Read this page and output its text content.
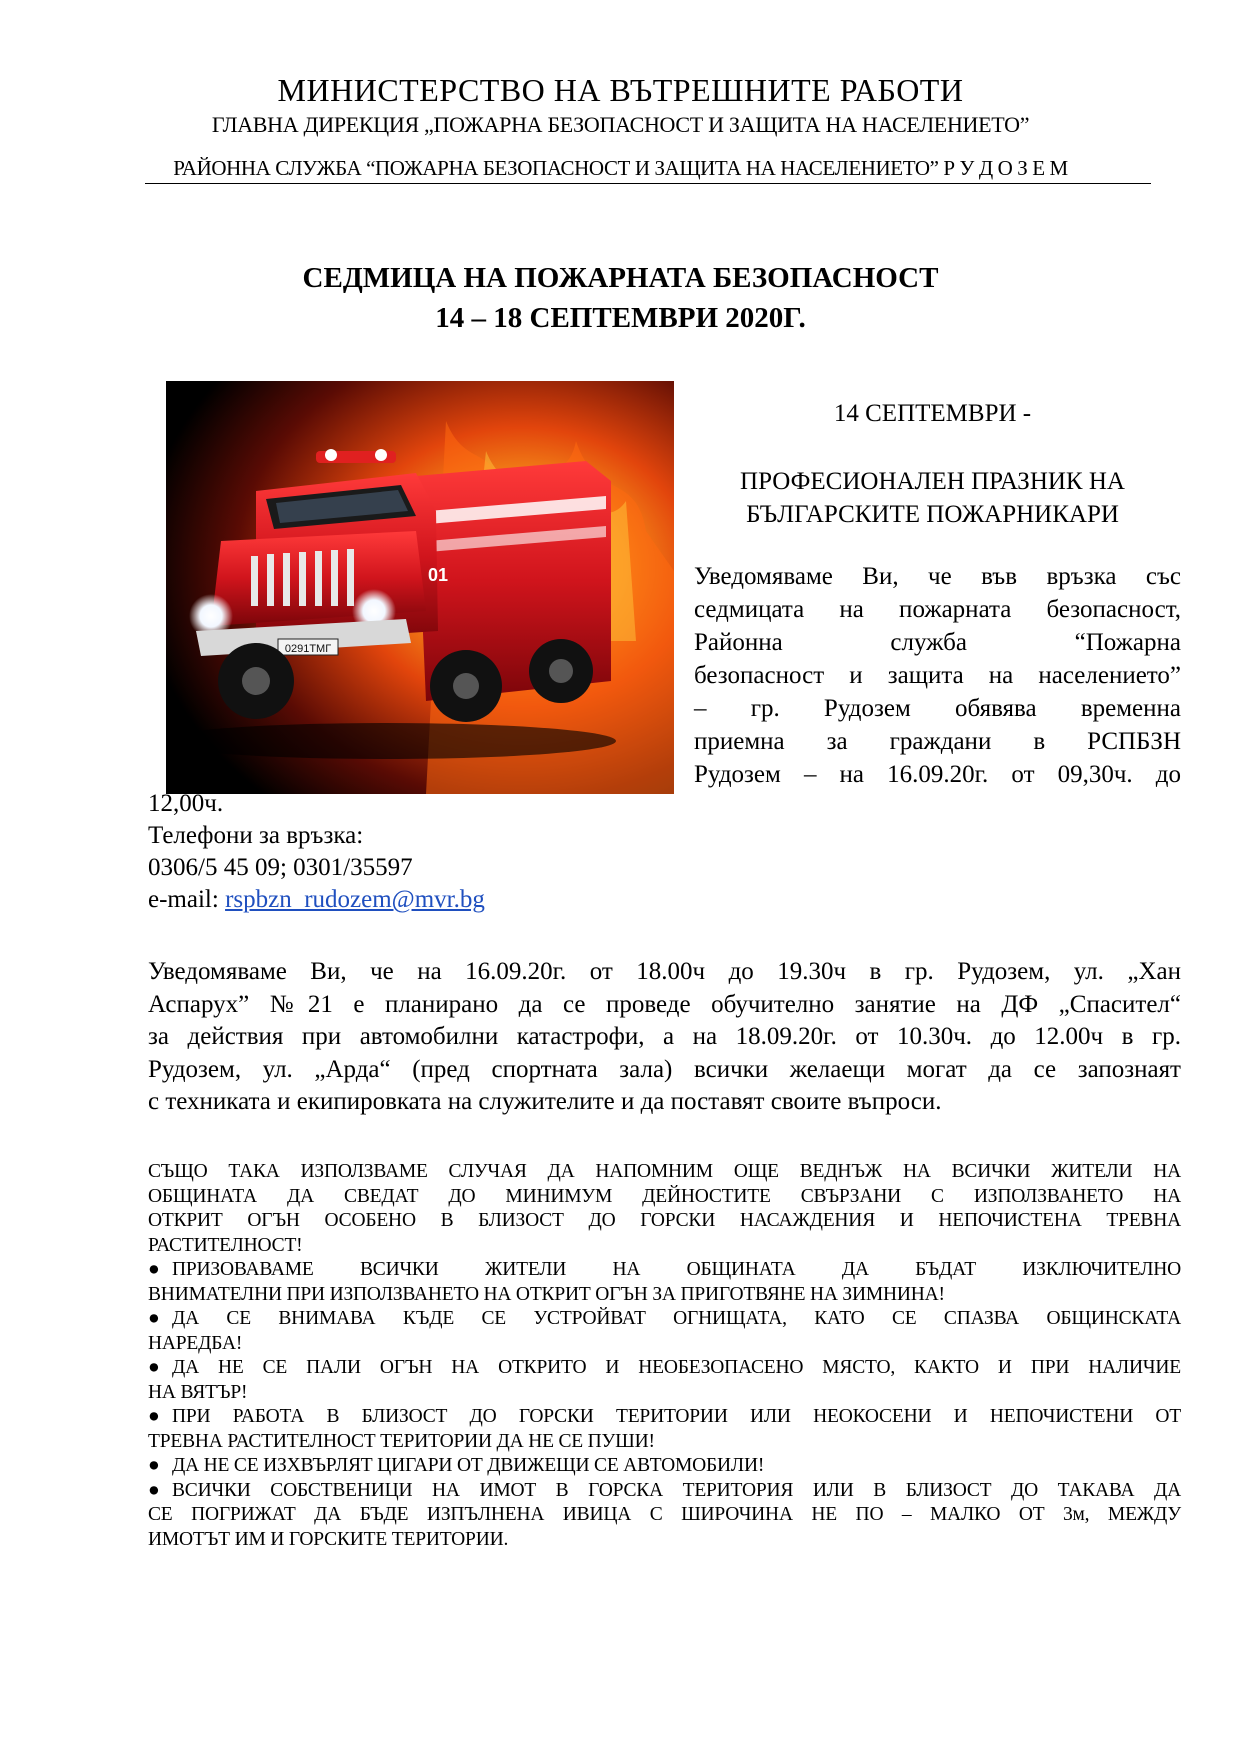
МИНИСТЕРСТВО НА ВЪТРЕШНИТЕ РАБОТИ
ГЛАВНА ДИРЕКЦИЯ „ПОЖАРНА БЕЗОПАСНОСТ И ЗАЩИТА НА НАСЕЛЕНИЕТО”
РАЙОННА СЛУЖБА “ПОЖАРНА БЕЗОПАСНОСТ И ЗАЩИТА НА НАСЕЛЕНИЕТО” Р У Д О З Е М
СЕДМИЦА НА ПОЖАРНАТА БЕЗОПАСНОСТ
14 – 18 СЕПТЕМВРИ 2020Г.
0291ТМГ
01
14 СЕПТЕМВРИ -
ПРОФЕСИОНАЛЕН ПРАЗНИК НА
БЪЛГАРСКИТЕ ПОЖАРНИКАРИ
Уведомяваме Ви, че във връзка със
седмицата на пожарната безопасност,
Районна служба “Пожарна
безопасност и защита на населението”
– гр. Рудозем обявява временна
приемна за граждани в РСПБЗН
Рудозем – на 16.09.20г. от 09,30ч. до
12,00ч.
Телефони за връзка:
0306/5 45 09; 0301/35597
e-mail: rspbzn_rudozem@mvr.bg
Уведомяваме Ви, че на 16.09.20г. от 18.00ч до 19.30ч в гр. Рудозем, ул. „Хан
Аспарух” №21 е планирано да се проведе обучително занятие на ДФ „Спасител“
за действия при автомобилни катастрофи, а на 18.09.20г. от 10.30ч. до 12.00ч в гр.
Рудозем, ул. „Арда“ (пред спортната зала) всички желаещи могат да се запознаят
с техниката и екипировката на служителите и да поставят своите въпроси.
СЪЩО ТАКА ИЗПОЛЗВАМЕ СЛУЧАЯ ДА НАПОМНИМ ОЩЕ ВЕДНЪЖ НА ВСИЧКИ ЖИТЕЛИ НА
ОБЩИНАТА ДА СВЕДАТ ДО МИНИМУМ ДЕЙНОСТИТЕ СВЪРЗАНИ С ИЗПОЛЗВАНЕТО НА
ОТКРИТ ОГЪН ОСОБЕНО В БЛИЗОСТ ДО ГОРСКИ НАСАЖДЕНИЯ И НЕПОЧИСТЕНА ТРЕВНА
РАСТИТЕЛНОСТ!
● ПРИЗОВАВАМЕ ВСИЧКИ ЖИТЕЛИ НА ОБЩИНАТА ДА БЪДАТ ИЗКЛЮЧИТЕЛНО
ВНИМАТЕЛНИ ПРИ ИЗПОЛЗВАНЕТО НА ОТКРИТ ОГЪН ЗА ПРИГОТВЯНЕ НА ЗИМНИНА!
● ДА СЕ ВНИМАВА КЪДЕ СЕ УСТРОЙВАТ ОГНИЩАТА, КАТО СЕ СПАЗВА ОБЩИНСКАТА
НАРЕДБА!
● ДА НЕ СЕ ПАЛИ ОГЪН НА ОТКРИТО И НЕОБЕЗОПАСЕНО МЯСТО, КАКТО И ПРИ НАЛИЧИЕ
НА ВЯТЪР!
● ПРИ РАБОТА В БЛИЗОСТ ДО ГОРСКИ ТЕРИТОРИИ ИЛИ НЕОКОСЕНИ И НЕПОЧИСТЕНИ ОТ
ТРЕВНА РАСТИТЕЛНОСТ ТЕРИТОРИИ ДА НЕ СЕ ПУШИ!
● ДА НЕ СЕ ИЗХВЪРЛЯТ ЦИГАРИ ОТ ДВИЖЕЩИ СЕ АВТОМОБИЛИ!
● ВСИЧКИ СОБСТВЕНИЦИ НА ИМОТ В ГОРСКА ТЕРИТОРИЯ ИЛИ В БЛИЗОСТ ДО ТАКАВА ДА
СЕ ПОГРИЖАТ ДА БЪДЕ ИЗПЪЛНЕНА ИВИЦА С ШИРОЧИНА НЕ ПО – МАЛКО ОТ 3м, МЕЖДУ
ИМОТЪТ ИМ И ГОРСКИТЕ ТЕРИТОРИИ.
